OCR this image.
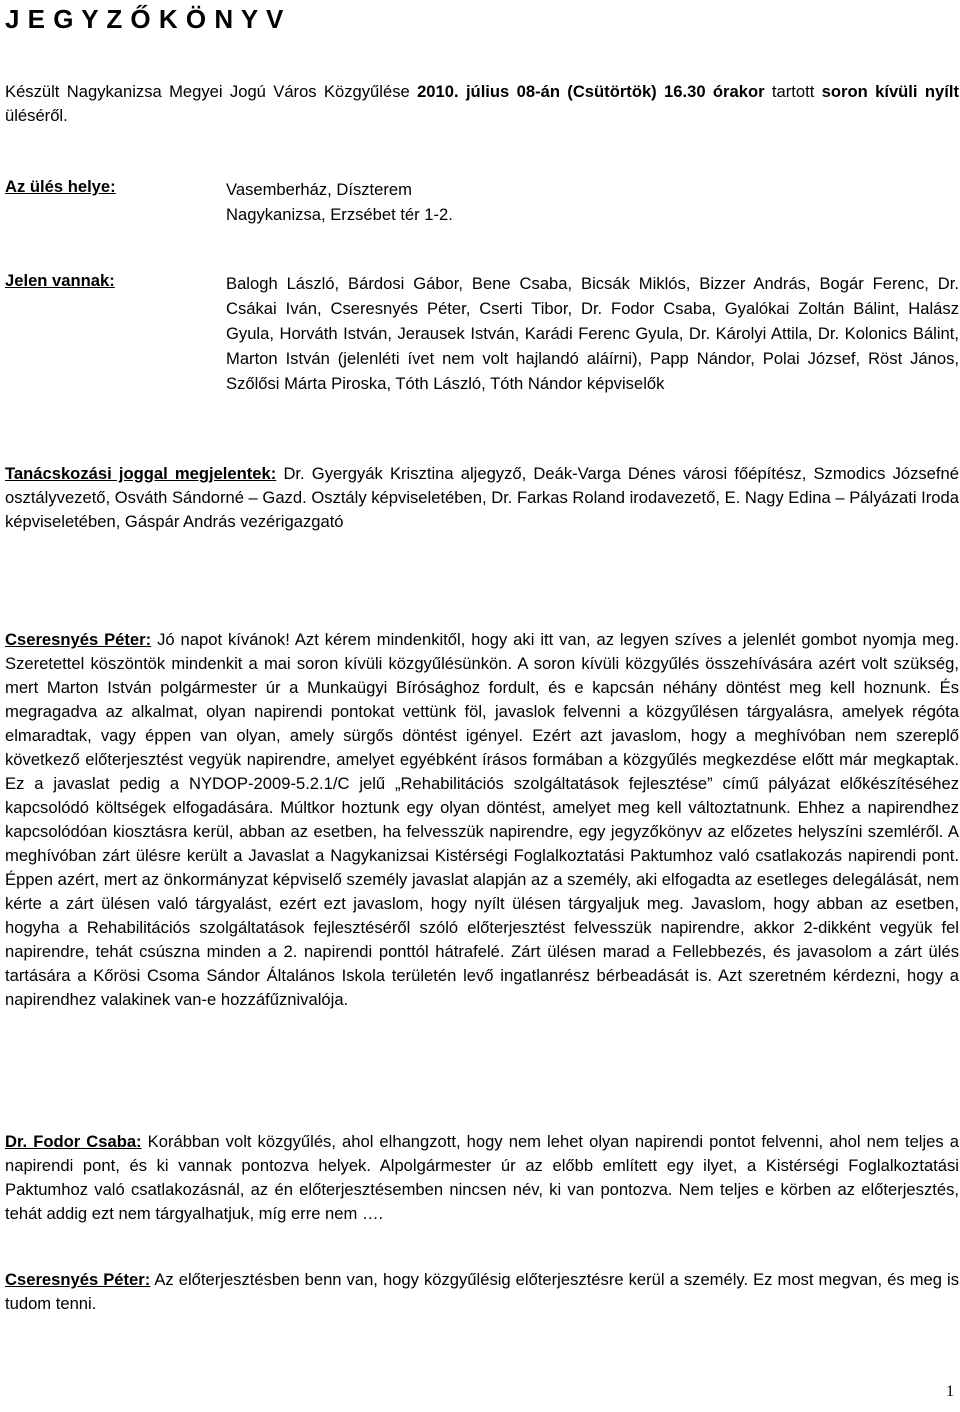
J E G Y Z Ő K Ö N Y V
Készült Nagykanizsa Megyei Jogú Város Közgyűlése 2010. július 08-án (Csütörtök) 16.30 órakor tartott soron kívüli nyílt üléséről.
Az ülés helye:	Vasemberház, Díszterem
Nagykanizsa, Erzsébet tér 1-2.
Jelen vannak:	Balogh László, Bárdosi Gábor, Bene Csaba, Bicsák Miklós, Bizzer András, Bogár Ferenc, Dr. Csákai Iván, Cseresnyés Péter, Cserti Tibor, Dr. Fodor Csaba, Gyalókai Zoltán Bálint, Halász Gyula, Horváth István, Jerausek István, Karádi Ferenc Gyula, Dr. Károlyi Attila, Dr. Kolonics Bálint, Marton István (jelenléti ívet nem volt hajlandó aláírni), Papp Nándor, Polai József, Röst János, Szőlősi Márta Piroska, Tóth László, Tóth Nándor képviselők
Tanácskozási joggal megjelentek: Dr. Gyergyák Krisztina aljegyző, Deák-Varga Dénes városi főépítész, Szmodics Józsefné osztályvezető, Osváth Sándorné – Gazd. Osztály képviseletében, Dr. Farkas Roland irodavezető, E. Nagy Edina – Pályázati Iroda képviseletében, Gáspár András vezérigazgató
Cseresnyés Péter: Jó napot kívánok! Azt kérem mindenkitől, hogy aki itt van, az legyen szíves a jelenlét gombot nyomja meg. Szeretettel köszöntök mindenkit a mai soron kívüli közgyűlésünkön. A soron kívüli közgyűlés összehívására azért volt szükség, mert Marton István polgármester úr a Munkaügyi Bírósághoz fordult, és e kapcsán néhány döntést meg kell hoznunk. És megragadva az alkalmat, olyan napirendi pontokat vettünk föl, javaslok felvenni a közgyűlésen tárgyalásra, amelyek régóta elmaradtak, vagy éppen van olyan, amely sürgős döntést igényel. Ezért azt javaslom, hogy a meghívóban nem szereplő következő előterjesztést vegyük napirendre, amelyet egyébként írásos formában a közgyűlés megkezdése előtt már megkaptak. Ez a javaslat pedig a NYDOP-2009-5.2.1/C jelű „Rehabilitációs szolgáltatások fejlesztése” című pályázat előkészítéséhez kapcsolódó költségek elfogadására. Múltkor hoztunk egy olyan döntést, amelyet meg kell változtatnunk. Ehhez a napirendhez kapcsolódóan kiosztásra kerül, abban az esetben, ha felvesszük napirendre, egy jegyzőkönyv az előzetes helyszíni szemléről. A meghívóban zárt ülésre került a Javaslat a Nagykanizsai Kistérségi Foglalkoztatási Paktumhoz való csatlakozás napirendi pont. Éppen azért, mert az önkormányzat képviselő személy javaslat alapján az a személy, aki elfogadta az esetleges delegálását, nem kérte a zárt ülésen való tárgyalást, ezért ezt javaslom, hogy nyílt ülésen tárgyaljuk meg. Javaslom, hogy abban az esetben, hogyha a Rehabilitációs szolgáltatások fejlesztéséről szóló előterjesztést felvesszük napirendre, akkor 2-dikként vegyük fel napirendre, tehát csúszna minden a 2. napirendi ponttól hátrafelé. Zárt ülésen marad a Fellebbezés, és javasolom a zárt ülés tartására a Kőrösi Csoma Sándor Általános Iskola területén levő ingatlanrész bérbeadását is. Azt szeretném kérdezni, hogy a napirendhez valakinek van-e hozzáfűznivalója.
Dr. Fodor Csaba: Korábban volt közgyűlés, ahol elhangzott, hogy nem lehet olyan napirendi pontot felvenni, ahol nem teljes a napirendi pont, és ki vannak pontozva helyek. Alpolgármester úr az előbb említett egy ilyet, a Kistérségi Foglalkoztatási Paktumhoz való csatlakozásnál, az én előterjesztésemben nincsen név, ki van pontozva. Nem teljes e körben az előterjesztés, tehát addig ezt nem tárgyalhatjuk, míg erre nem ….
Cseresnyés Péter: Az előterjesztésben benn van, hogy közgyűlésig előterjesztésre kerül a személy. Ez most megvan, és meg is tudom tenni.
1
